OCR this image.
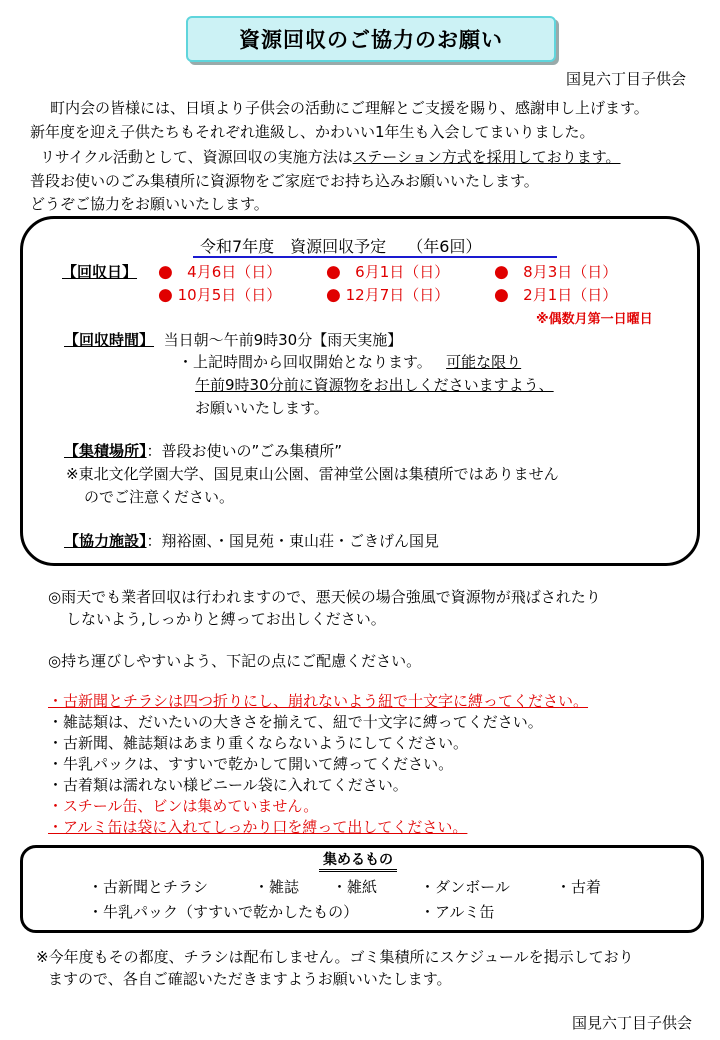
資源回収のご協力のお願い
国見六丁目子供会
町内会の皆様には、日頃より子供会の活動にご理解とご支援を賜り、感謝申し上げます。
新年度を迎え子供たちもそれぞれ進級し、かわいい1年生も入会してまいりました。
リサイクル活動として、資源回収の実施方法はステーション方式を採用しております。
普段お使いのごみ集積所に資源物をご家庭でお持ち込みお願いいたします。
どうぞご協力をお願いいたします。
令和7年度　資源回収予定　 （年6回）
【回収日】 ● 4月6日（日）	● 6月1日（日）	● 8月3日（日）
● 10月5日（日）	● 12月7日（日）	● 2月1日（日）
※偶数月第一日曜日
【回収時間】 当日朝～午前9時30分【雨天実施】
・上記時間から回収開始となります。 可能な限り
午前9時30分前に資源物をお出しくださいますよう、
お願いいたします。
【集積場所】：普段お使いの”ごみ集積所”
※東北文化学園大学、国見東山公園、雷神堂公園は集積所ではありません
のでご注意ください。
【協力施設】：翔裕園、・国見苑・東山荘・ごきげん国見
◎雨天でも業者回収は行われますので、悪天候の場合強風で資源物が飛ばされたり
しないよう,しっかりと縛ってお出しください。
◎持ち運びしやすいよう、下記の点にご配慮ください。
・古新聞とチラシは四つ折りにし、崩れないよう紐で十文字に縛ってください。
・雑誌類は、だいたいの大きさを揃えて、紐で十文字に縛ってください。
・古新聞、雑誌類はあまり重くならないようにしてください。
・牛乳パックは、すすいで乾かして開いて縛ってください。
・古着類は濡れない様ビニール袋に入れてください。
・スチール缶、ビンは集めていません。
・アルミ缶は袋に入れてしっかり口を縛って出してください。
集めるもの
・古新聞とチラシ	・雑誌 ・雑紙	・ダンボール	・古着
・牛乳パック（すすいで乾かしたもの）	・アルミ缶
※今年度もその都度、チラシは配布しません。ゴミ集積所にスケジュールを掲示しており
ますので、各自ご確認いただきますようお願いいたします。
国見六丁目子供会
